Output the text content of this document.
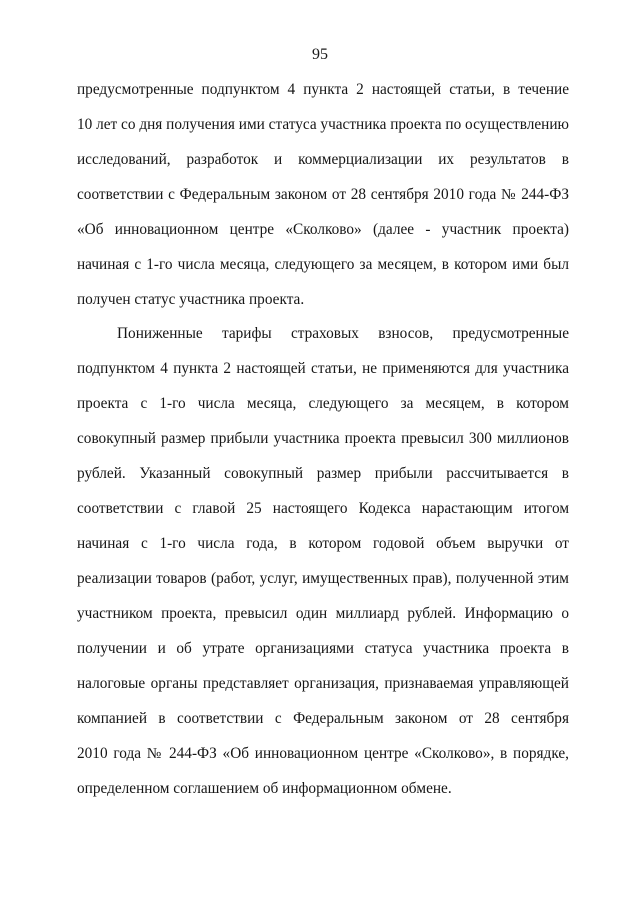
95
предусмотренные подпунктом 4 пункта 2 настоящей статьи, в течение
10 лет со дня получения ими статуса участника проекта по осуществлению
исследований, разработок и коммерциализации их результатов в
соответствии с Федеральным законом от 28 сентября 2010 года № 244-ФЗ
«Об инновационном центре «Сколково» (далее - участник проекта)
начиная с 1-го числа месяца, следующего за месяцем, в котором ими был
получен статус участника проекта.
Пониженные тарифы страховых взносов, предусмотренные
подпунктом 4 пункта 2 настоящей статьи, не применяются для участника
проекта с 1-го числа месяца, следующего за месяцем, в котором
совокупный размер прибыли участника проекта превысил 300 миллионов
рублей. Указанный совокупный размер прибыли рассчитывается в
соответствии с главой 25 настоящего Кодекса нарастающим итогом
начиная с 1-го числа года, в котором годовой объем выручки от
реализации товаров (работ, услуг, имущественных прав), полученной этим
участником проекта, превысил один миллиард рублей. Информацию о
получении и об утрате организациями статуса участника проекта в
налоговые органы представляет организация, признаваемая управляющей
компанией в соответствии с Федеральным законом от 28 сентября
2010 года № 244-ФЗ «Об инновационном центре «Сколково», в порядке,
определенном соглашением об информационном обмене.
